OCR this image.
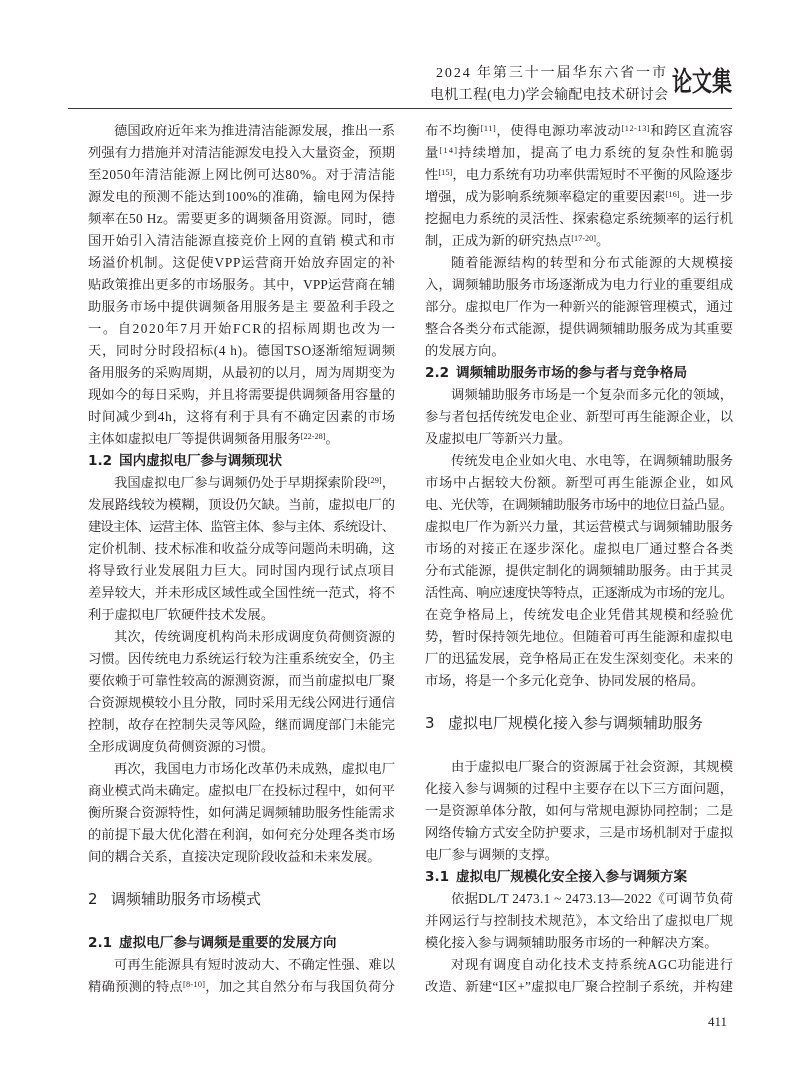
2024 年第三十一届华东六省一市
电机工程(电力)学会输配电技术研讨会 论文集
德国政府近年来为推进清洁能源发展，推出一系
列强有力措施并对清洁能源发电投入大量资金，预期
至2050年清洁能源上网比例可达80%。对于清洁能
源发电的预测不能达到100%的准确，输电网为保持
频率在50 Hz。需要更多的调频备用资源。同时，德
国开始引入清洁能源直接竞价上网的直销 模式和市
场溢价机制。这促使VPP运营商开始放弃固定的补
贴政策推出更多的市场服务。其中，VPP运营商在辅
助服务市场中提供调频备用服务是主 要盈利手段之
一。自2020年7月开始FCR的招标周期也改为一
天，同时分时段招标(4 h)。德国TSO逐渐缩短调频
备用服务的采购周期，从最初的以月，周为周期变为
现如今的每日采购，并且将需要提供调频备用容量的
时间减少到4h，这将有利于具有不确定因素的市场
主体如虚拟电厂等提供调频备用服务[22-28]。
1.2 国内虚拟电厂参与调频现状
我国虚拟电厂参与调频仍处于早期探索阶段[29]，
发展路线较为模糊，顶设仍欠缺。当前，虚拟电厂的
建设主体、运营主体、监管主体、参与主体、系统设计、
定价机制、技术标准和收益分成等问题尚未明确，这
将导致行业发展阻力巨大。同时国内现行试点项目
差异较大，并未形成区域性或全国性统一范式，将不
利于虚拟电厂软硬件技术发展。
其次，传统调度机构尚未形成调度负荷侧资源的
习惯。因传统电力系统运行较为注重系统安全，仍主
要依赖于可靠性较高的源测资源，而当前虚拟电厂聚
合资源规模较小且分散，同时采用无线公网进行通信
控制，故存在控制失灵等风险，继而调度部门未能完
全形成调度负荷侧资源的习惯。
再次，我国电力市场化改革仍未成熟，虚拟电厂
商业模式尚未确定。虚拟电厂在投标过程中，如何平
衡所聚合资源特性，如何满足调频辅助服务性能需求
的前提下最大优化潜在利润，如何充分处理各类市场
间的耦合关系，直接决定现阶段收益和未来发展。
2 调频辅助服务市场模式
2.1 虚拟电厂参与调频是重要的发展方向
可再生能源具有短时波动大、不确定性强、难以
精确预测的特点[8-10]，加之其自然分布与我国负荷分
布不均衡[11]，使得电源功率波动[12-13]和跨区直流容
量[14]持续增加，提高了电力系统的复杂性和脆弱
性[15]，电力系统有功功率供需短时不平衡的风险逐步
增强，成为影响系统频率稳定的重要因素[16]。进一步
挖掘电力系统的灵活性、探索稳定系统频率的运行机
制，正成为新的研究热点[17-20]。
随着能源结构的转型和分布式能源的大规模接
入，调频辅助服务市场逐渐成为电力行业的重要组成
部分。虚拟电厂作为一种新兴的能源管理模式，通过
整合各类分布式能源，提供调频辅助服务成为其重要
的发展方向。
2.2 调频辅助服务市场的参与者与竞争格局
调频辅助服务市场是一个复杂而多元化的领域，
参与者包括传统发电企业、新型可再生能源企业，以
及虚拟电厂等新兴力量。
传统发电企业如火电、水电等，在调频辅助服务
市场中占据较大份额。新型可再生能源企业，如风
电、光伏等，在调频辅助服务市场中的地位日益凸显。
虚拟电厂作为新兴力量，其运营模式与调频辅助服务
市场的对接正在逐步深化。虚拟电厂通过整合各类
分布式能源，提供定制化的调频辅助服务。由于其灵
活性高、响应速度快等特点，正逐渐成为市场的宠儿。
在竞争格局上，传统发电企业凭借其规模和经验优
势，暂时保持领先地位。但随着可再生能源和虚拟电
厂的迅猛发展，竞争格局正在发生深刻变化。未来的
市场，将是一个多元化竞争、协同发展的格局。
3 虚拟电厂规模化接入参与调频辅助服务
由于虚拟电厂聚合的资源属于社会资源，其规模
化接入参与调频的过程中主要存在以下三方面问题，
一是资源单体分散，如何与常规电源协同控制；二是
网络传输方式安全防护要求，三是市场机制对于虚拟
电厂参与调频的支撑。
3.1 虚拟电厂规模化安全接入参与调频方案
依据DL/T 2473.1 ~ 2473.13—2022《可调节负荷
并网运行与控制技术规范》，本文给出了虚拟电厂规
模化接入参与调频辅助服务市场的一种解决方案。
对现有调度自动化技术支持系统AGC功能进行
改造、新建“Ⅰ区+”虚拟电厂聚合控制子系统，并构建
411
